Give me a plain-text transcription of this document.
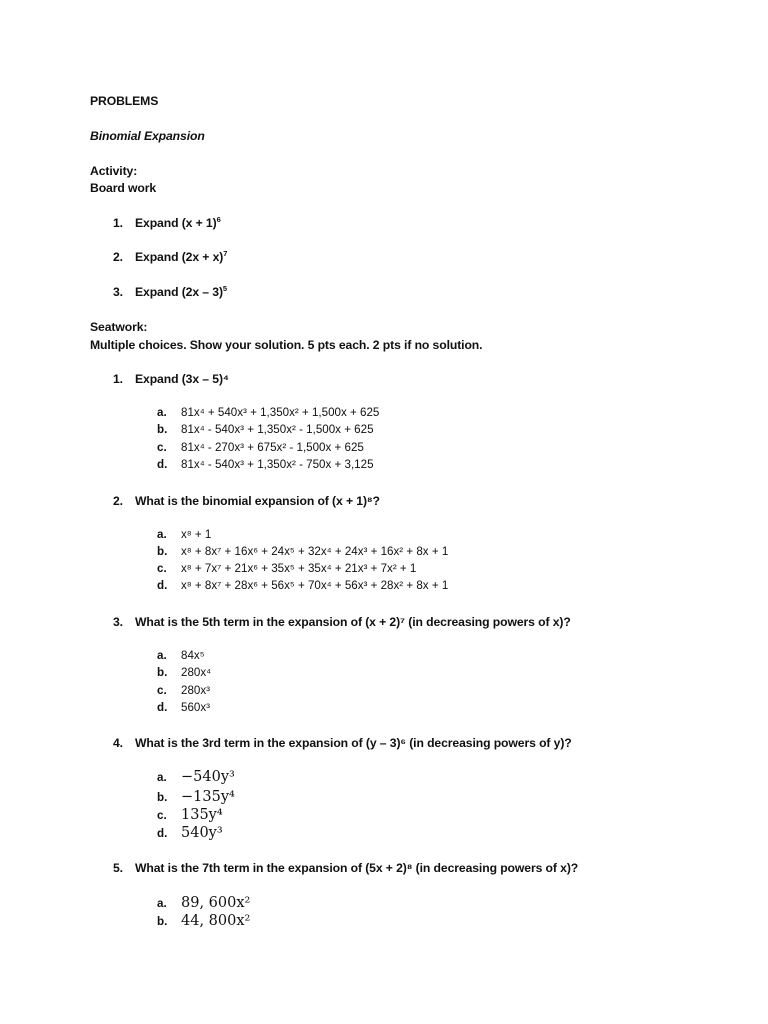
PROBLEMS
Binomial Expansion
Activity:
Board work
1. Expand $(x + 1)^6$
2. Expand $(2x + x)^7$
3. Expand (2x – 3)$^5$
Seatwork:
Multiple choices. Show your solution. 5 pts each. 2 pts if no solution.
1. Expand (3x – 5)⁴
a. 81x⁴ + 540x³ + 1,350x² + 1,500x + 625
b. 81x⁴ - 540x³ + 1,350x² - 1,500x + 625
c. 81x⁴ - 270x³ + 675x² - 1,500x + 625
d. 81x⁴ - 540x³ + 1,350x² - 750x + 3,125
2. What is the binomial expansion of (x + 1)⁸?
a. x⁸ + 1
b. x⁸ + 8x⁷ + 16x⁶ + 24x⁵ + 32x⁴ + 24x³ + 16x² + 8x + 1
c. x⁸ + 7x⁷ + 21x⁶ + 35x⁵ + 35x⁴ + 21x³ + 7x² + 1
d. x⁸ + 8x⁷ + 28x⁶ + 56x⁵ + 70x⁴ + 56x³ + 28x² + 8x + 1
3. What is the 5th term in the expansion of (x + 2)⁷ (in decreasing powers of x)?
a. 84x⁵
b. 280x⁴
c. 280x³
d. 560x³
4. What is the 3rd term in the expansion of (y – 3)⁶ (in decreasing powers of y)?
a. −540y³
b. −135y⁴
c. 135y⁴
d. 540y³
5. What is the 7th term in the expansion of (5x + 2)⁸ (in decreasing powers of x)?
a. 89, 600x²
b. 44, 800x²
